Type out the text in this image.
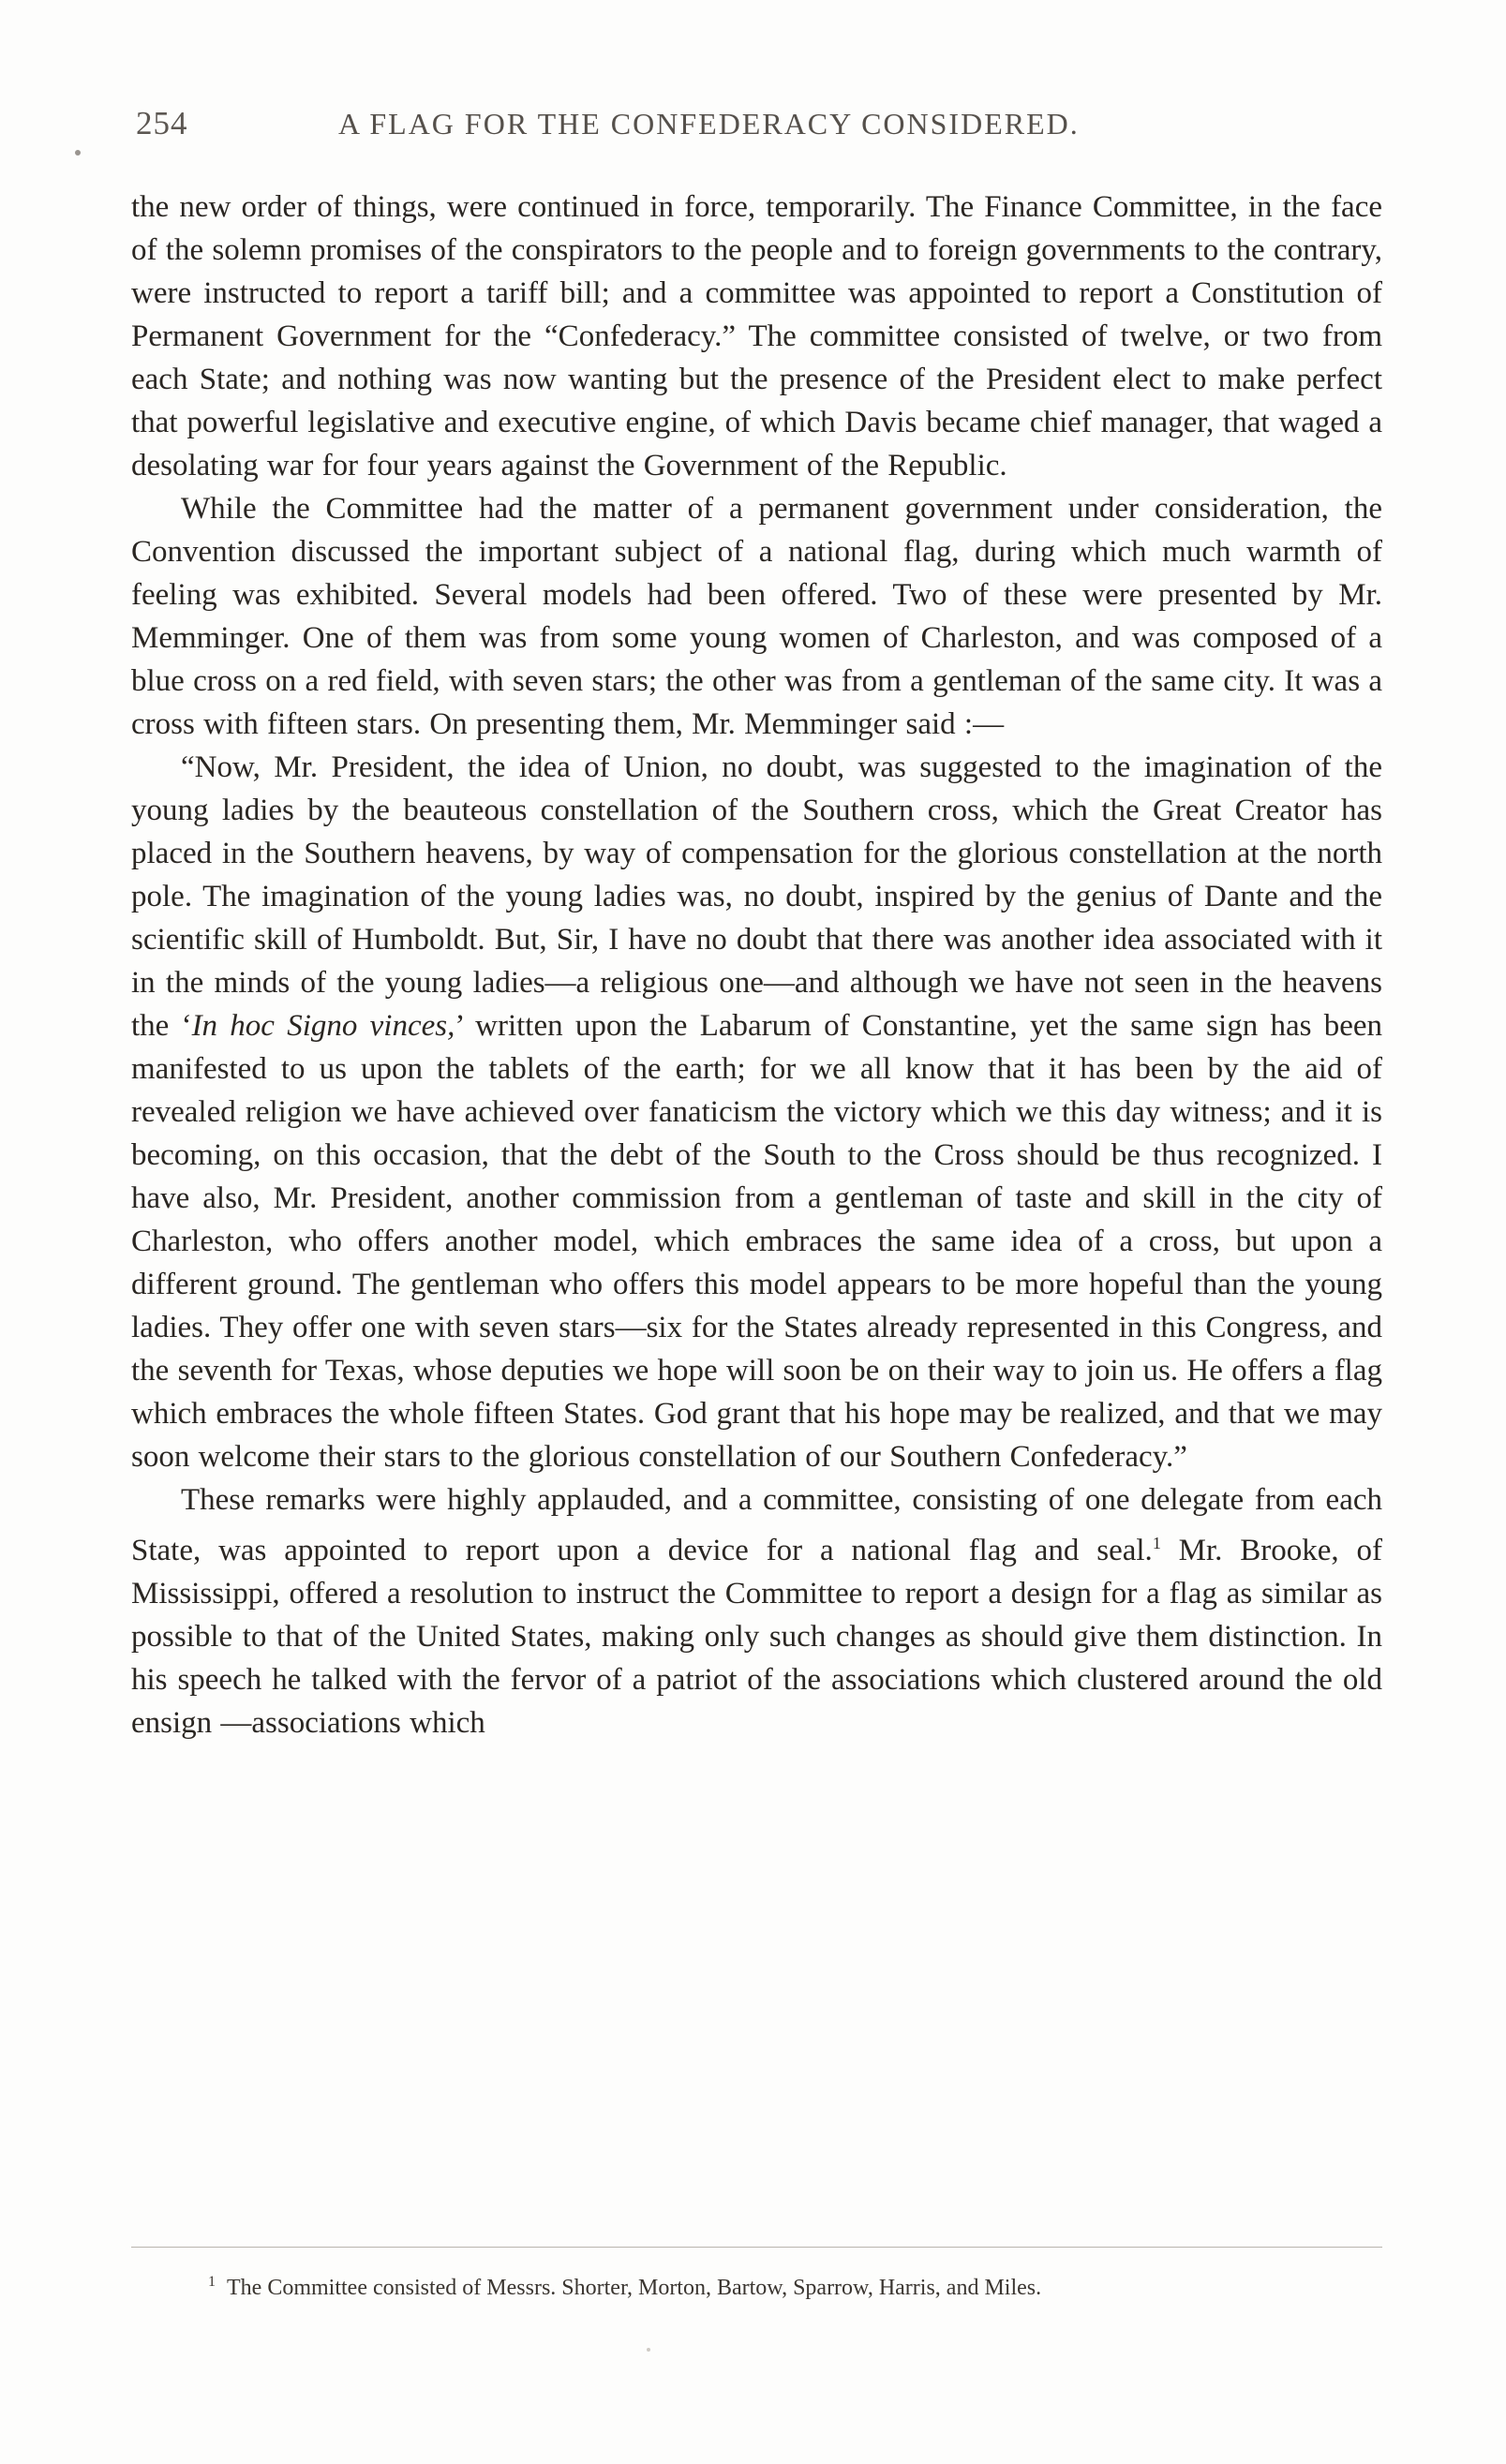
254	A FLAG FOR THE CONFEDERACY CONSIDERED.

the new order of things, were continued in force, temporarily. The Finance Committee, in the face of the solemn promises of the conspirators to the people and to foreign governments to the contrary, were instructed to report a tariff bill; and a committee was appointed to report a Constitution of Permanent Government for the “Confederacy.” The committee consisted of twelve, or two from each State; and nothing was now wanting but the presence of the President elect to make perfect that powerful legislative and executive engine, of which Davis became chief manager, that waged a desolating war for four years against the Government of the Republic.

While the Committee had the matter of a permanent government under consideration, the Convention discussed the important subject of a national flag, during which much warmth of feeling was exhibited. Several models had been offered. Two of these were presented by Mr. Memminger. One of them was from some young women of Charleston, and was composed of a blue cross on a red field, with seven stars; the other was from a gentleman of the same city. It was a cross with fifteen stars. On presenting them, Mr. Memminger said :—

“Now, Mr. President, the idea of Union, no doubt, was suggested to the imagination of the young ladies by the beauteous constellation of the Southern cross, which the Great Creator has placed in the Southern heavens, by way of compensation for the glorious constellation at the north pole. The imagination of the young ladies was, no doubt, inspired by the genius of Dante and the scientific skill of Humboldt. But, Sir, I have no doubt that there was another idea associated with it in the minds of the young ladies—a religious one—and although we have not seen in the heavens the ‘In hoc Signo vinces,’ written upon the Labarum of Constantine, yet the same sign has been manifested to us upon the tablets of the earth; for we all know that it has been by the aid of revealed religion we have achieved over fanaticism the victory which we this day witness; and it is becoming, on this occasion, that the debt of the South to the Cross should be thus recognized. I have also, Mr. President, another commission from a gentleman of taste and skill in the city of Charleston, who offers another model, which embraces the same idea of a cross, but upon a different ground. The gentleman who offers this model appears to be more hopeful than the young ladies. They offer one with seven stars—six for the States already represented in this Congress, and the seventh for Texas, whose deputies we hope will soon be on their way to join us. He offers a flag which embraces the whole fifteen States. God grant that his hope may be realized, and that we may soon welcome their stars to the glorious constellation of our Southern Confederacy.”

These remarks were highly applauded, and a committee, consisting of one delegate from each State, was appointed to report upon a device for a national flag and seal.$^1$ Mr. Brooke, of Mississippi, offered a resolution to instruct the Committee to report a design for a flag as similar as possible to that of the United States, making only such changes as should give them distinction. In his speech he talked with the fervor of a patriot of the associations which clustered around the old ensign —associations which

$^1$ The Committee consisted of Messrs. Shorter, Morton, Bartow, Sparrow, Harris, and Miles.
